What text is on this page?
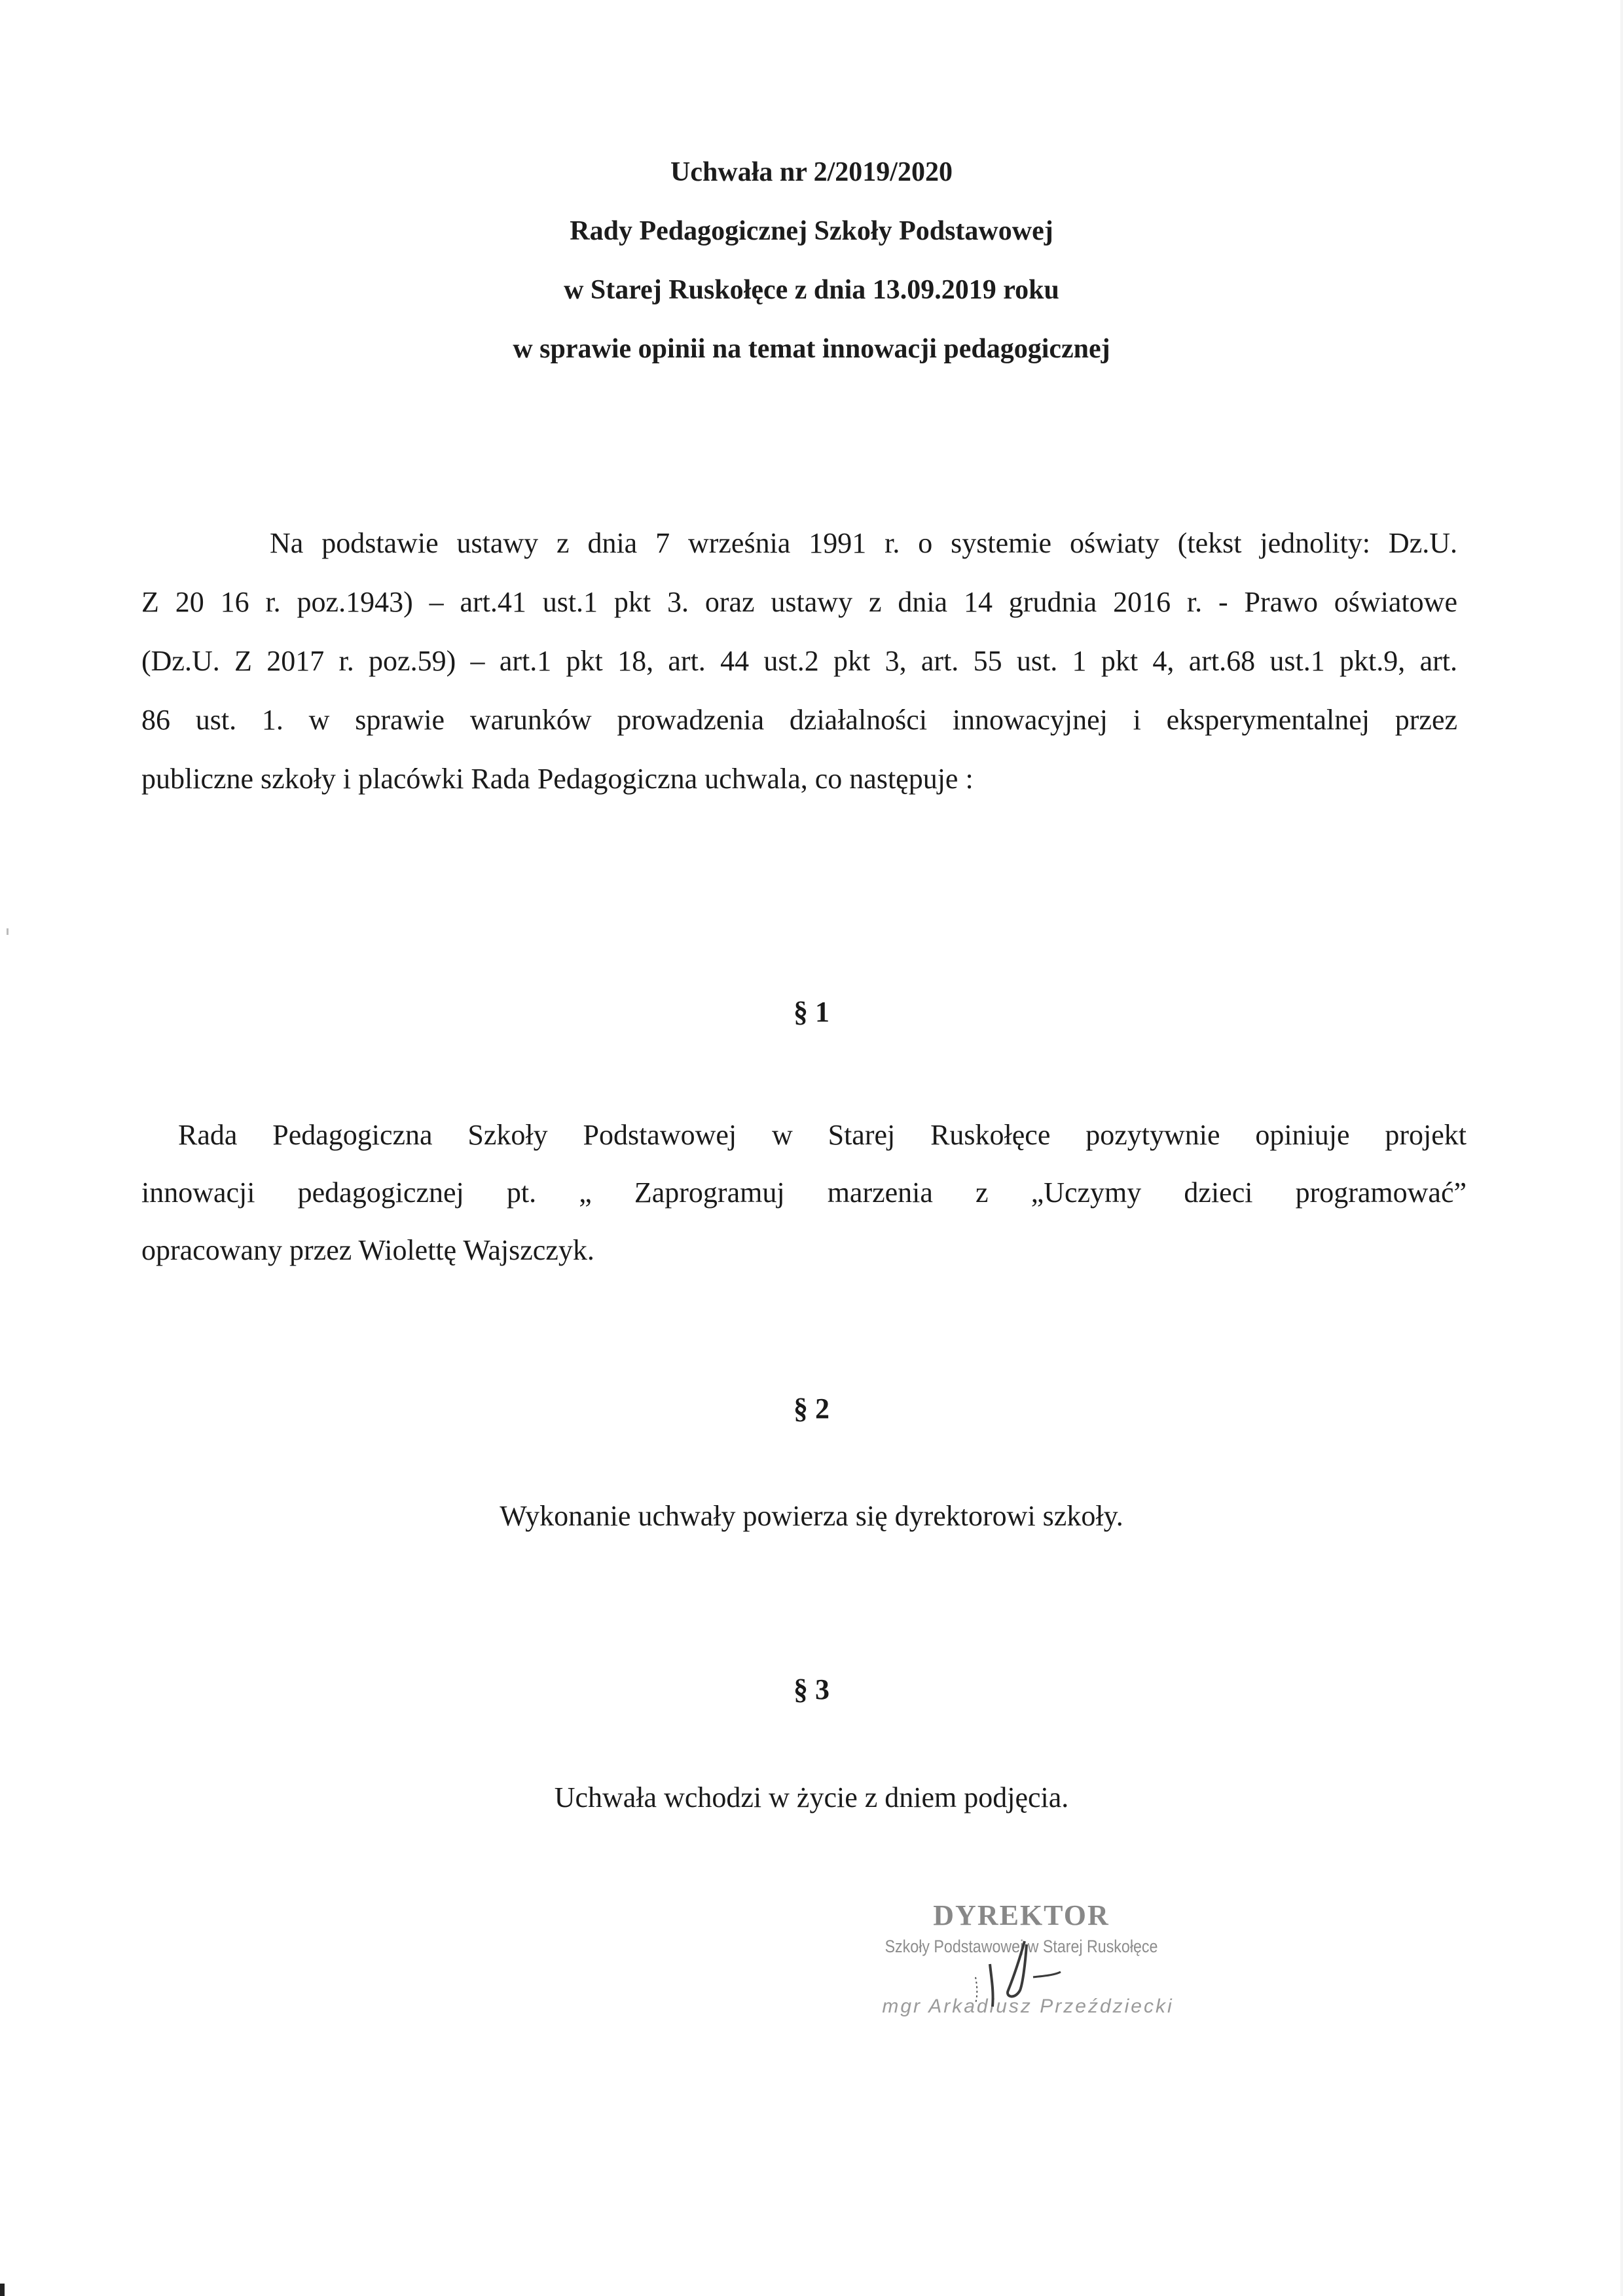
Uchwała nr 2/2019/2020
Rady Pedagogicznej Szkoły Podstawowej
w Starej Ruskołęce z dnia 13.09.2019 roku
w sprawie opinii na temat innowacji pedagogicznej
Na podstawie ustawy z dnia 7 września 1991 r. o systemie oświaty (tekst jednolity: Dz.U.
Z 20 16 r. poz.1943) – art.41 ust.1 pkt 3. oraz ustawy z dnia 14 grudnia 2016 r. - Prawo oświatowe
(Dz.U. Z 2017 r. poz.59) – art.1 pkt 18, art. 44 ust.2 pkt 3, art. 55 ust. 1 pkt 4, art.68 ust.1 pkt.9, art.
86 ust. 1. w sprawie warunków prowadzenia działalności innowacyjnej i eksperymentalnej przez
publiczne szkoły i placówki Rada Pedagogiczna uchwala, co następuje :
§ 1
Rada Pedagogiczna Szkoły Podstawowej w Starej Ruskołęce pozytywnie opiniuje projekt
innowacji pedagogicznej pt. „ Zaprogramuj marzenia z „Uczymy dzieci programować”
opracowany przez Wiolettę Wajszczyk.
§ 2
Wykonanie uchwały powierza się dyrektorowi szkoły.
§ 3
Uchwała wchodzi w życie z dniem podjęcia.
DYREKTOR
Szkoły Podstawowej w Starej Ruskołęce
mgr Arkadiusz Przeździecki
